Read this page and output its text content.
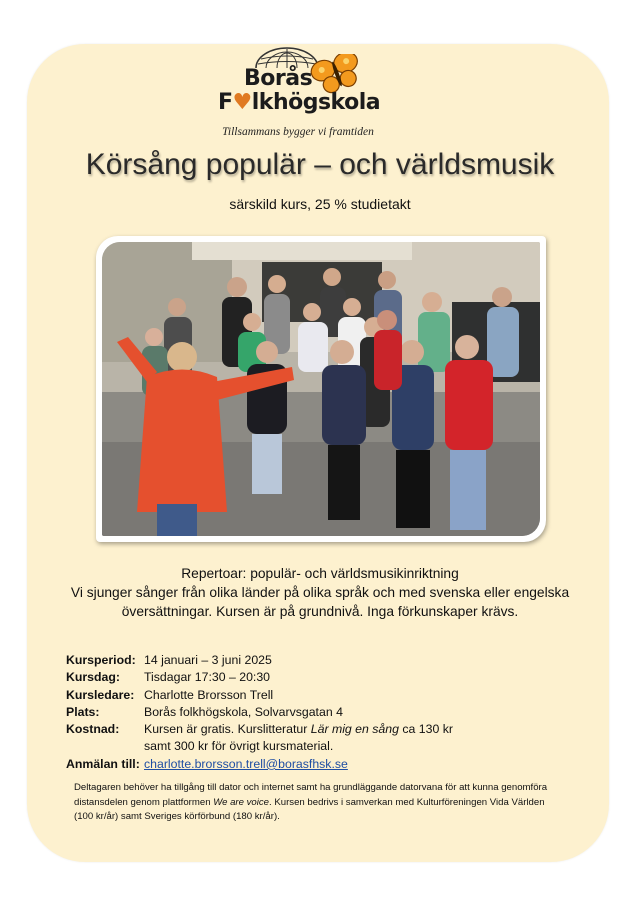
Borås
F♥lkhögskola
Tillsammans bygger vi framtiden
Körsång populär – och världsmusik
särskild kurs, 25 % studietakt
Repertoar: populär- och världsmusikinriktning
Vi sjunger sånger från olika länder på olika språk och med svenska eller engelska
översättningar. Kursen är på grundnivå. Inga förkunskaper krävs.
Kursperiod: 14 januari – 3 juni 2025
Kursdag:	Tisdagar 17:30 – 20:30
Kursledare: Charlotte Brorsson Trell
Plats:	Borås folkhögskola, Solvarvsgatan 4
Kostnad:	Kursen är gratis. Kurslitteratur Lär mig en sång ca 130 kr
samt 300 kr för övrigt kursmaterial.
Anmälan till: charlotte.brorsson.trell@borasfhsk.se
Deltagaren behöver ha tillgång till dator och internet samt ha grundläggande datorvana för att kunna genomföra
distansdelen genom plattformen We are voice. Kursen bedrivs i samverkan med Kulturföreningen Vida Världen
(100 kr/år) samt Sveriges körförbund (180 kr/år).
